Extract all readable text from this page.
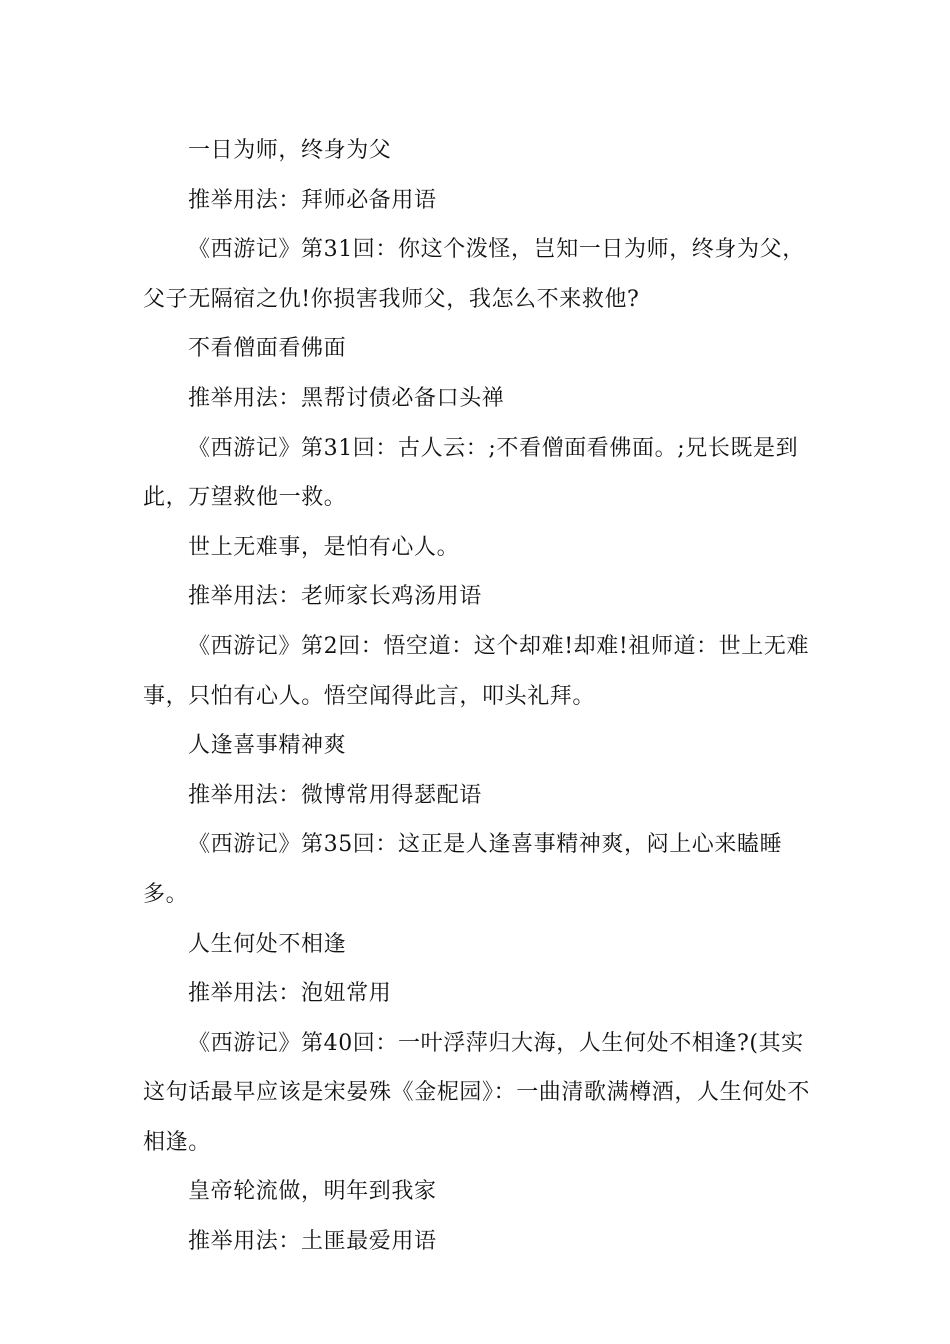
一日为师，终身为父

推举用法：拜师必备用语

《西游记》第31回：你这个泼怪，岂知一日为师，终身为父，父子无隔宿之仇!你损害我师父，我怎么不来救他?

不看僧面看佛面

推举用法：黑帮讨债必备口头禅

《西游记》第31回：古人云：;不看僧面看佛面。;兄长既是到此，万望救他一救。

世上无难事，是怕有心人。

推举用法：老师家长鸡汤用语

《西游记》第2回：悟空道：这个却难!却难!祖师道：世上无难事，只怕有心人。悟空闻得此言，叩头礼拜。

人逢喜事精神爽

推举用法：微博常用得瑟配语

《西游记》第35回：这正是人逢喜事精神爽，闷上心来瞌睡多。

人生何处不相逢

推举用法：泡妞常用

《西游记》第40回：一叶浮萍归大海，人生何处不相逢?(其实这句话最早应该是宋晏殊《金柅园》：一曲清歌满樽酒，人生何处不相逢。

皇帝轮流做，明年到我家

推举用法：土匪最爱用语
